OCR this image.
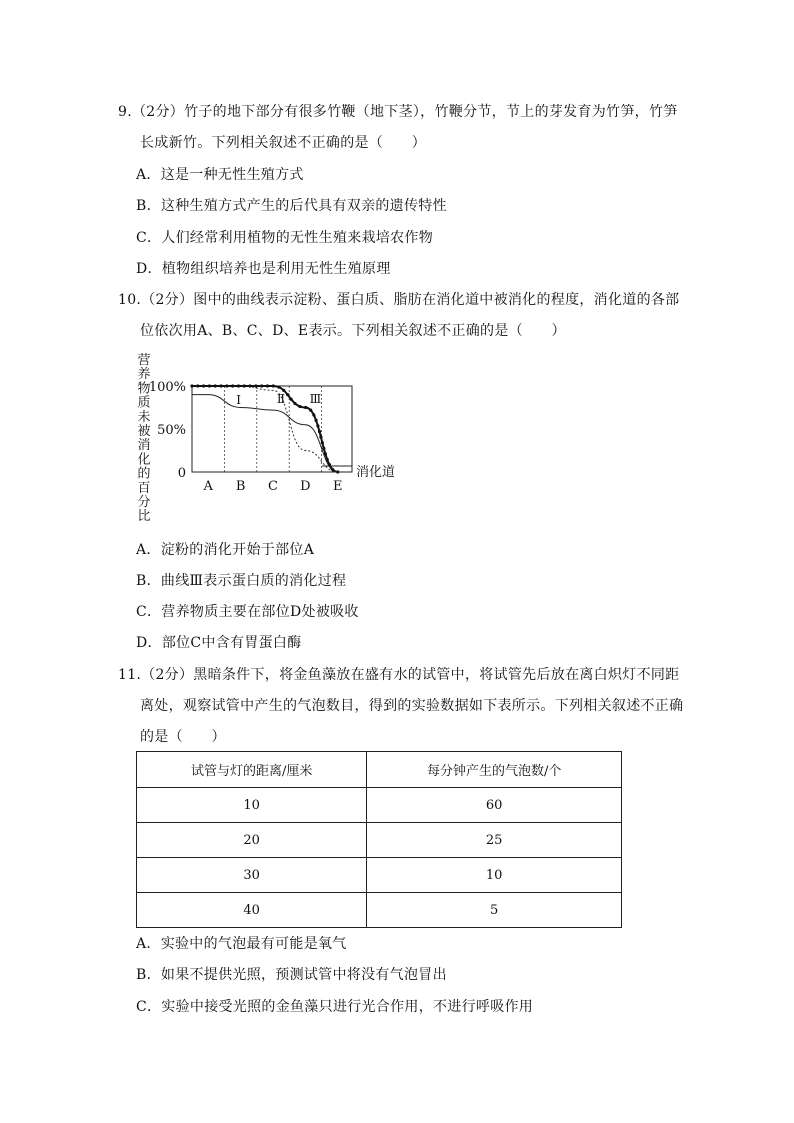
9.（2分）竹子的地下部分有很多竹鞭（地下茎），竹鞭分节，节上的芽发育为竹笋，竹笋
长成新竹。下列相关叙述不正确的是（　　）
A．这是一种无性生殖方式
B．这种生殖方式产生的后代具有双亲的遗传特性
C．人们经常利用植物的无性生殖来栽培农作物
D．植物组织培养也是利用无性生殖原理
10.（2分）图中的曲线表示淀粉、蛋白质、脂肪在消化道中被消化的程度，消化道的各部
位依次用A、B、C、D、E表示。下列相关叙述不正确的是（　　）
营
养
物
质
未
被
消
化
的
百
分
比
100%
50%
0
A B C D E
Ⅰ	Ⅱ Ⅲ
消化道
A．淀粉的消化开始于部位A
B．曲线Ⅲ表示蛋白质的消化过程
C．营养物质主要在部位D处被吸收
D．部位C中含有胃蛋白酶
11.（2分）黑暗条件下，将金鱼藻放在盛有水的试管中，将试管先后放在离白炽灯不同距
离处，观察试管中产生的气泡数目，得到的实验数据如下表所示。下列相关叙述不正确
的是（　　）
试管与灯的距离/厘米	每分钟产生的气泡数/个
10	60
20	25
30	10
40	5
A．实验中的气泡最有可能是氧气
B．如果不提供光照，预测试管中将没有气泡冒出
C．实验中接受光照的金鱼藻只进行光合作用，不进行呼吸作用
